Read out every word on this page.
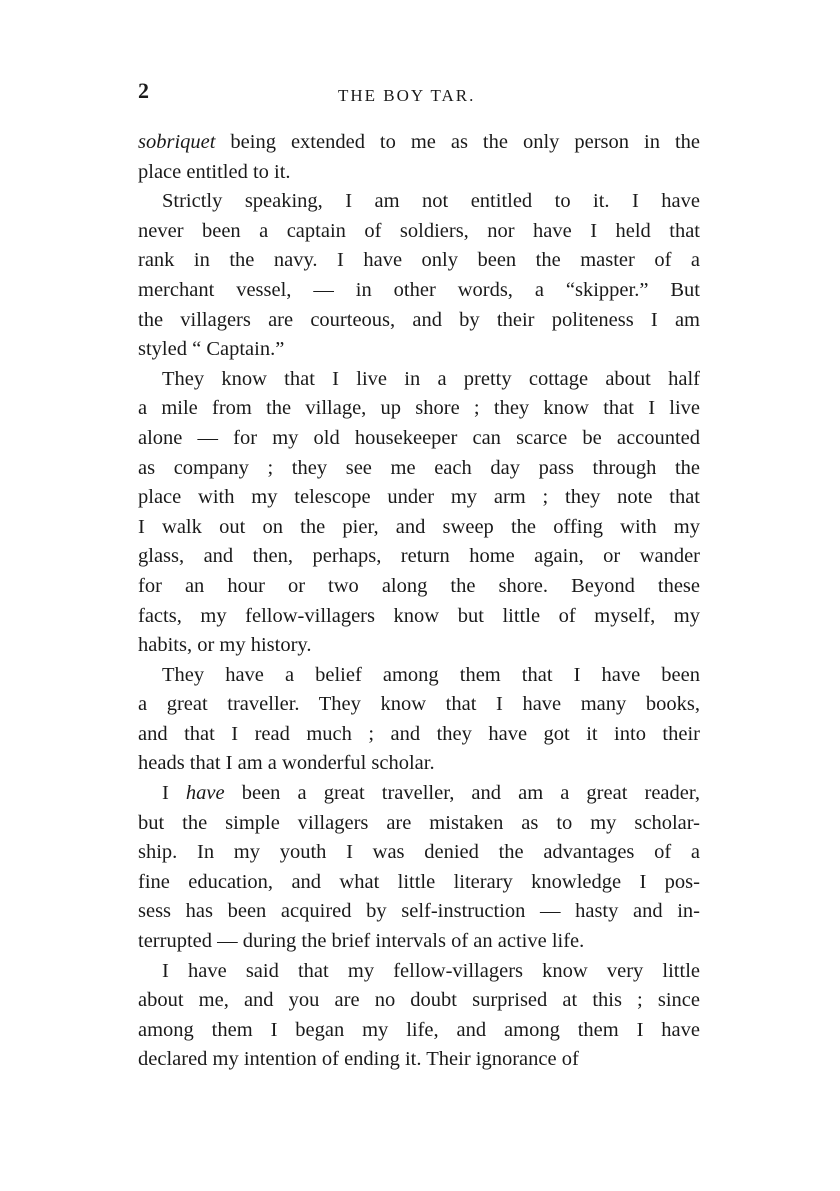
2	THE BOY TAR.
sobriquet being extended to me as the only person in the
place entitled to it.
Strictly speaking, I am not entitled to it. I have
never been a captain of soldiers, nor have I held that
rank in the navy. I have only been the master of a
merchant vessel, — in other words, a “skipper.” But
the villagers are courteous, and by their politeness I am
styled “ Captain.”
They know that I live in a pretty cottage about half
a mile from the village, up shore ; they know that I live
alone — for my old housekeeper can scarce be accounted
as company ; they see me each day pass through the
place with my telescope under my arm ; they note that
I walk out on the pier, and sweep the offing with my
glass, and then, perhaps, return home again, or wander
for an hour or two along the shore. Beyond these
facts, my fellow-villagers know but little of myself, my
habits, or my history.
They have a belief among them that I have been
a great traveller. They know that I have many books,
and that I read much ; and they have got it into their
heads that I am a wonderful scholar.
I have been a great traveller, and am a great reader,
but the simple villagers are mistaken as to my scholar-
ship. In my youth I was denied the advantages of a
fine education, and what little literary knowledge I pos-
sess has been acquired by self-instruction — hasty and in-
terrupted — during the brief intervals of an active life.
I have said that my fellow-villagers know very little
about me, and you are no doubt surprised at this ; since
among them I began my life, and among them I have
declared my intention of ending it. Their ignorance of
